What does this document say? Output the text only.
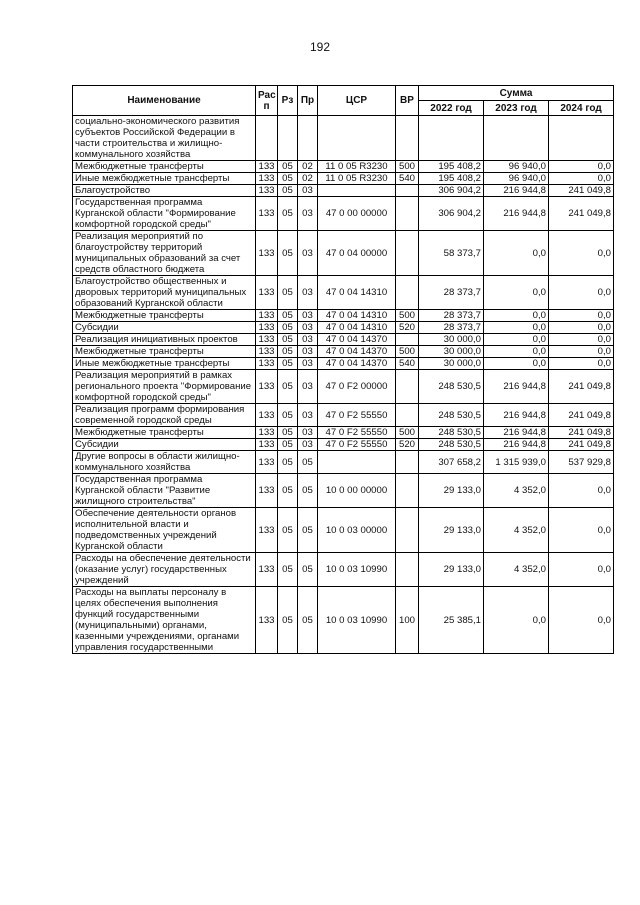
192
Наименование	Рас п	Рз	Пр	ЦСР	ВР	Сумма		
						2022 год	2023 год	2024 год
социально-экономического развития субъектов Российской Федерации в части строительства и жилищно-коммунального хозяйства								
Межбюджетные трансферты	133	05	02	11 0 05 R3230	500	195 408,2	96 940,0	0,0
Иные межбюджетные трансферты	133	05	02	11 0 05 R3230	540	195 408,2	96 940,0	0,0
Благоустройство	133	05	03			306 904,2	216 944,8	241 049,8
Государственная программа Курганской области "Формирование комфортной городской среды"	133	05	03	47 0 00 00000		306 904,2	216 944,8	241 049,8
Реализация мероприятий по благоустройству территорий муниципальных образований за счет средств областного бюджета	133	05	03	47 0 04 00000		58 373,7	0,0	0,0
Благоустройство общественных и дворовых территорий муниципальных образований Курганской области	133	05	03	47 0 04 14310		28 373,7	0,0	0,0
Межбюджетные трансферты	133	05	03	47 0 04 14310	500	28 373,7	0,0	0,0
Субсидии	133	05	03	47 0 04 14310	520	28 373,7	0,0	0,0
Реализация инициативных проектов	133	05	03	47 0 04 14370		30 000,0	0,0	0,0
Межбюджетные трансферты	133	05	03	47 0 04 14370	500	30 000,0	0,0	0,0
Иные межбюджетные трансферты	133	05	03	47 0 04 14370	540	30 000,0	0,0	0,0
Реализация мероприятий в рамках регионального проекта "Формирование комфортной городской среды"	133	05	03	47 0 F2 00000		248 530,5	216 944,8	241 049,8
Реализация программ формирования современной городской среды	133	05	03	47 0 F2 55550		248 530,5	216 944,8	241 049,8
Межбюджетные трансферты	133	05	03	47 0 F2 55550	500	248 530,5	216 944,8	241 049,8
Субсидии	133	05	03	47 0 F2 55550	520	248 530,5	216 944,8	241 049,8
Другие вопросы в области жилищно-коммунального хозяйства	133	05	05			307 658,2	1 315 939,0	537 929,8
Государственная программа Курганской области "Развитие жилищного строительства"	133	05	05	10 0 00 00000		29 133,0	4 352,0	0,0
Обеспечение деятельности органов исполнительной власти и подведомственных учреждений Курганской области	133	05	05	10 0 03 00000		29 133,0	4 352,0	0,0
Расходы на обеспечение деятельности (оказание услуг) государственных учреждений	133	05	05	10 0 03 10990		29 133,0	4 352,0	0,0
Расходы на выплаты персоналу в целях обеспечения выполнения функций государственными (муниципальными) органами, казенными учреждениями, органами управления государственными	133	05	05	10 0 03 10990	100	25 385,1	0,0	0,0
